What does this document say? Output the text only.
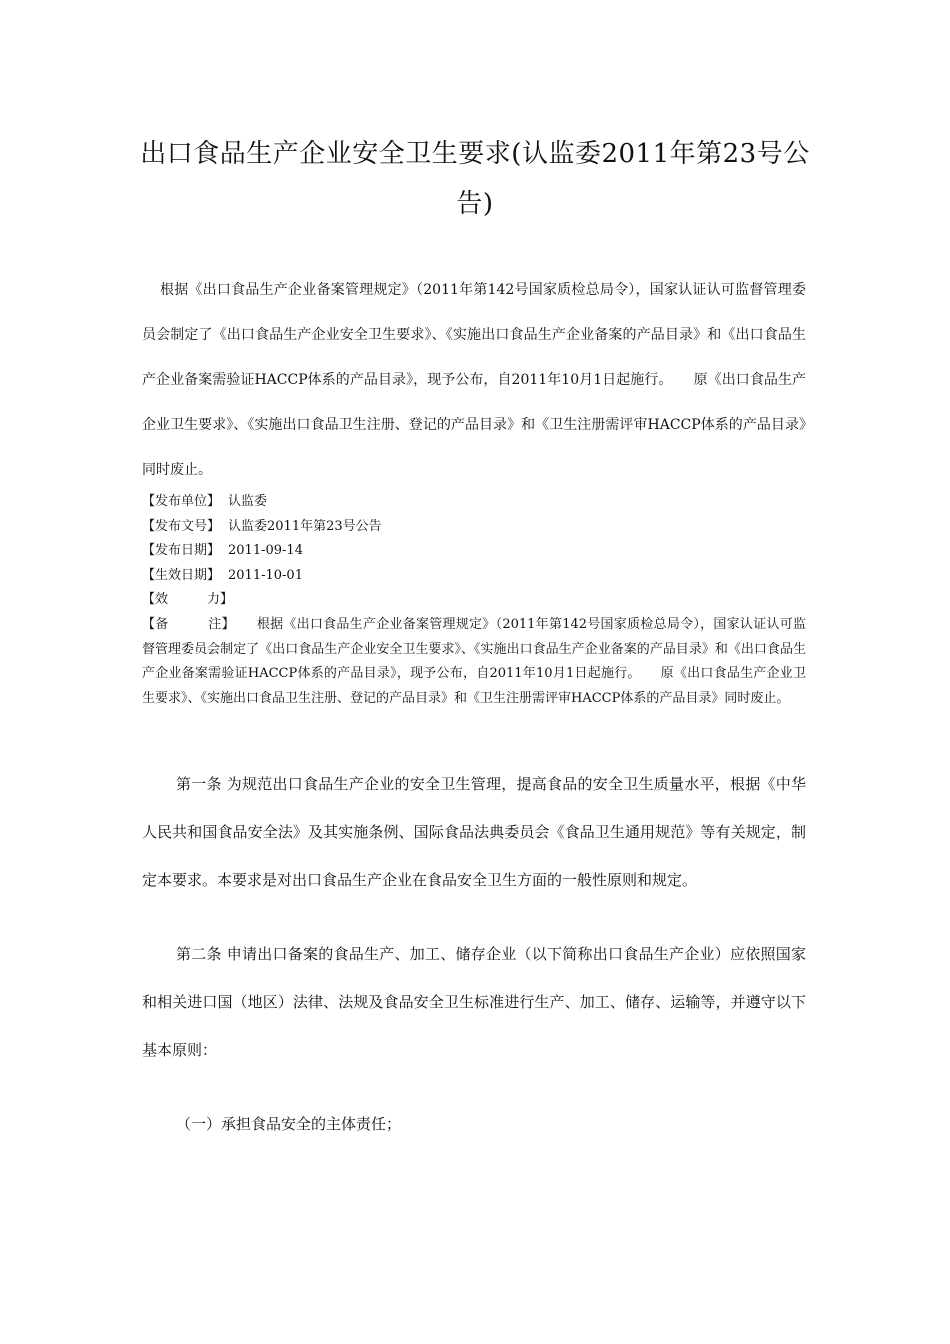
出口食品生产企业安全卫生要求(认监委2011年第23号公告)

根据《出口食品生产企业备案管理规定》（2011年第142号国家质检总局令），国家认证认可监督管理委员会制定了《出口食品生产企业安全卫生要求》、《实施出口食品生产企业备案的产品目录》和《出口食品生产企业备案需验证HACCP体系的产品目录》，现予公布，自2011年10月1日起施行。　　原《出口食品生产企业卫生要求》、《实施出口食品卫生注册、登记的产品目录》和《卫生注册需评审HACCP体系的产品目录》同时废止。

【发布单位】 认监委
【发布文号】 认监委2011年第23号公告
【发布日期】 2011-09-14
【生效日期】 2011-10-01
【效　　　力】
【备　　　注】 根据《出口食品生产企业备案管理规定》（2011年第142号国家质检总局令），国家认证认可监督管理委员会制定了《出口食品生产企业安全卫生要求》、《实施出口食品生产企业备案的产品目录》和《出口食品生产企业备案需验证HACCP体系的产品目录》，现予公布，自2011年10月1日起施行。　　原《出口食品生产企业卫生要求》、《实施出口食品卫生注册、登记的产品目录》和《卫生注册需评审HACCP体系的产品目录》同时废止。

第一条 为规范出口食品生产企业的安全卫生管理，提高食品的安全卫生质量水平，根据《中华人民共和国食品安全法》及其实施条例、国际食品法典委员会《食品卫生通用规范》等有关规定，制定本要求。本要求是对出口食品生产企业在食品安全卫生方面的一般性原则和规定。

第二条 申请出口备案的食品生产、加工、储存企业（以下简称出口食品生产企业）应依照国家和相关进口国（地区）法律、法规及食品安全卫生标准进行生产、加工、储存、运输等，并遵守以下基本原则：

（一）承担食品安全的主体责任；
